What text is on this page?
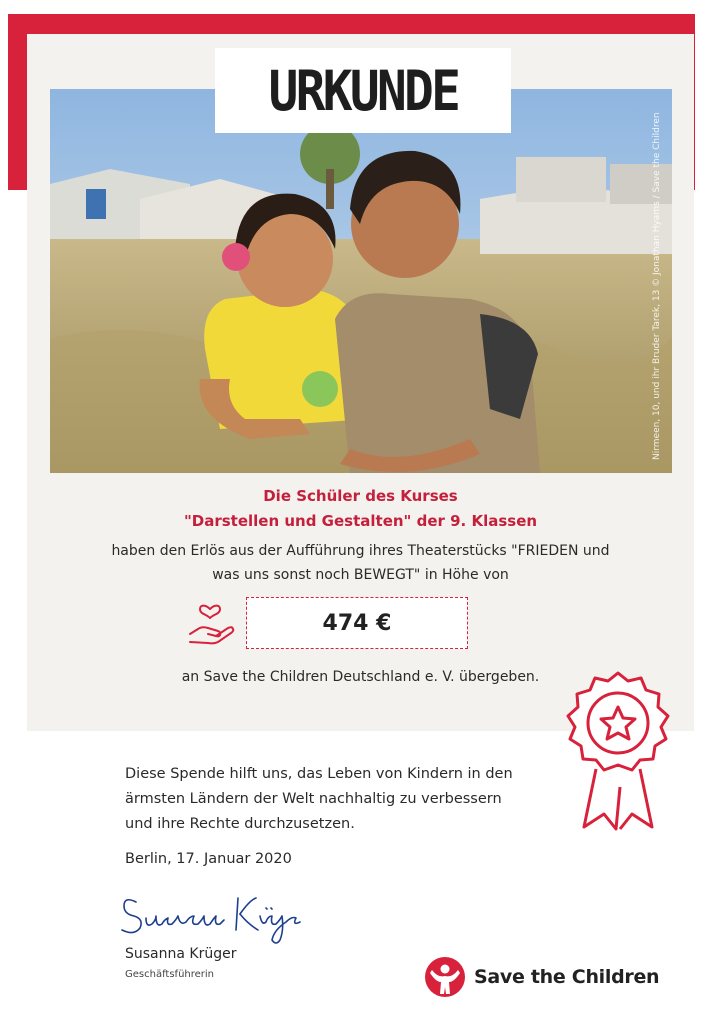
URKUNDE
Nirmeen, 10, und ihr Bruder Tarek, 13 © Jonathan Hyams / Save the Children
Die Schüler des Kurses
"Darstellen und Gestalten" der 9. Klassen
haben den Erlös aus der Aufführung ihres Theaterstücks "FRIEDEN und
was uns sonst noch BEWEGT" in Höhe von
474 €
an Save the Children Deutschland e. V. übergeben.
Diese Spende hilft uns, das Leben von Kindern in den
ärmsten Ländern der Welt nachhaltig zu verbessern
und ihre Rechte durchzusetzen.
Berlin, 17. Januar 2020
Susanna Krüger
Geschäftsführerin	Save the Children
